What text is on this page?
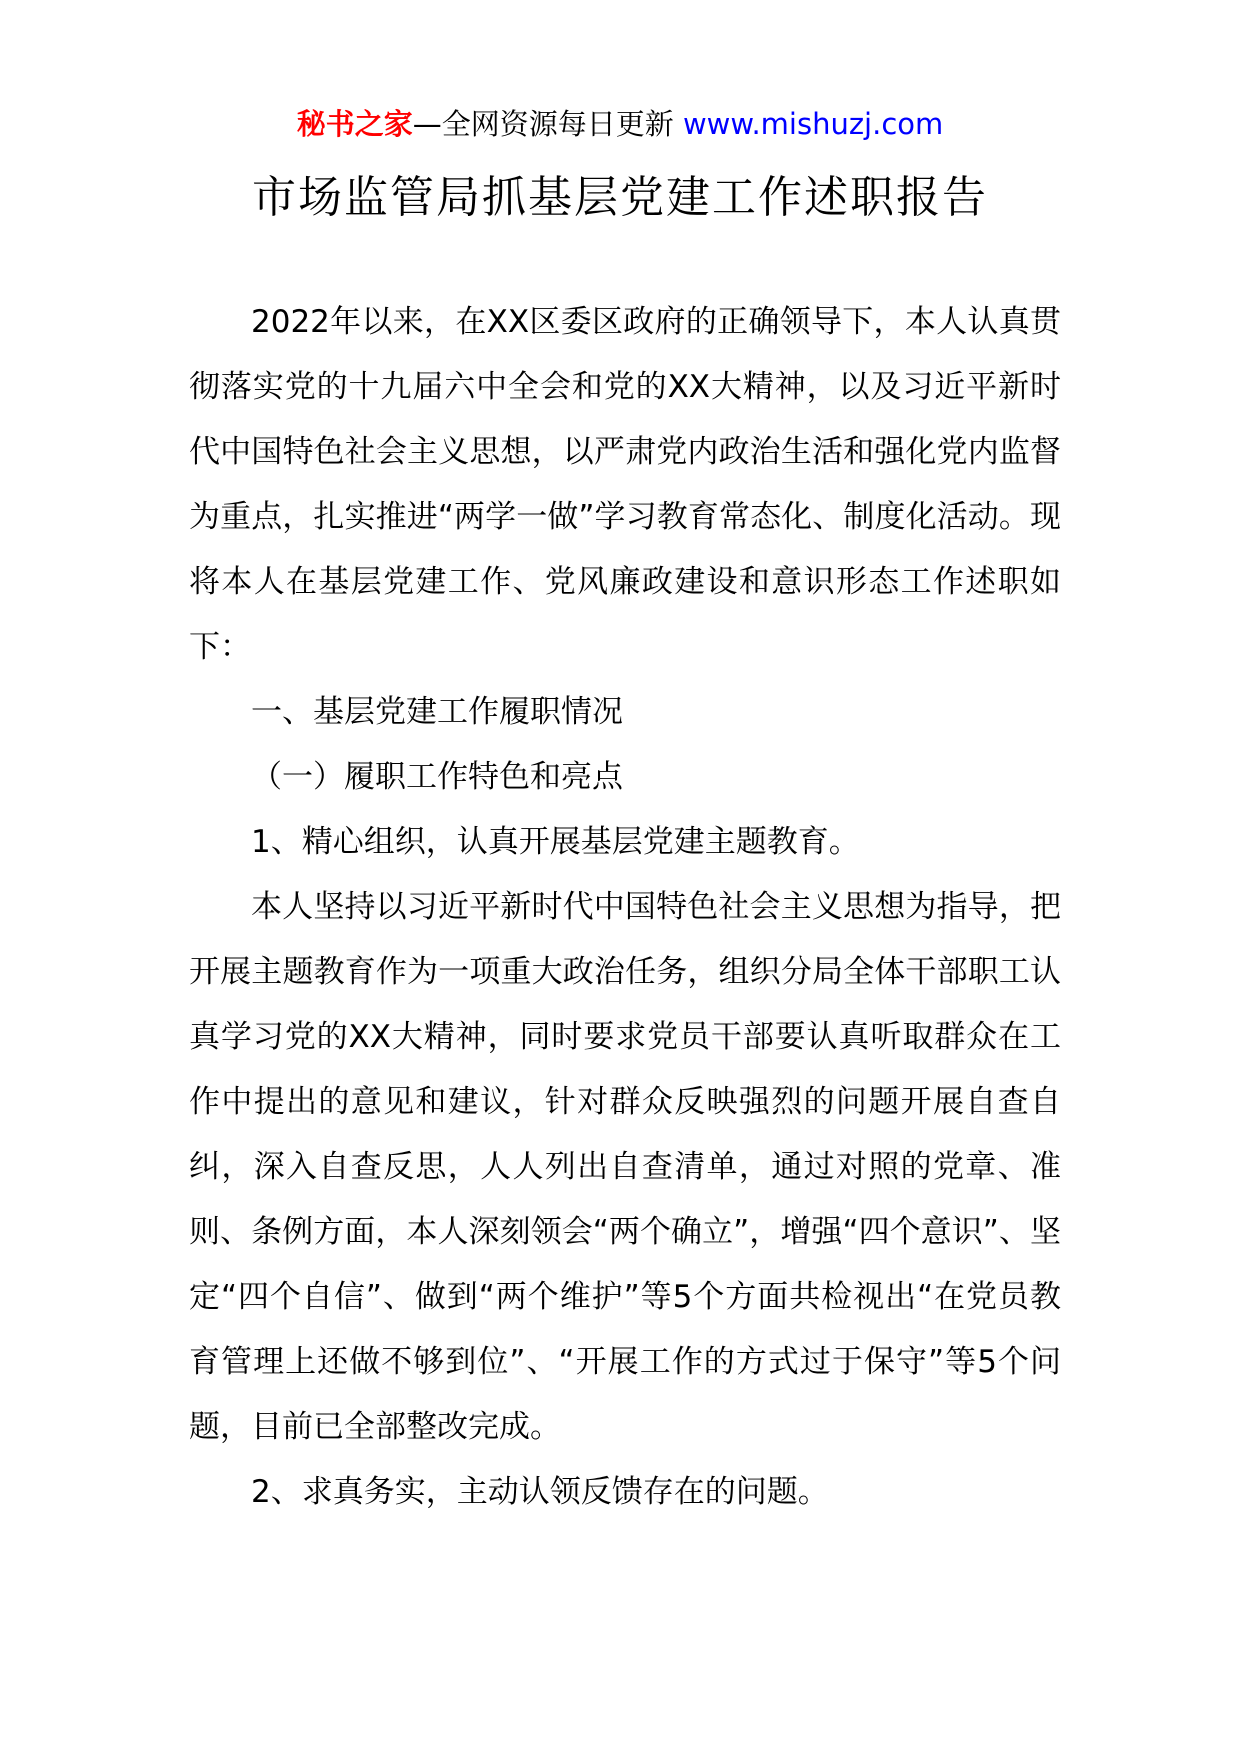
秘书之家—全网资源每日更新 www.mishuzj.com
市场监管局抓基层党建工作述职报告

2022年以来，在XX区委区政府的正确领导下，本人认真贯彻落实党的十九届六中全会和党的XX大精神，以及习近平新时代中国特色社会主义思想，以严肃党内政治生活和强化党内监督为重点，扎实推进“两学一做”学习教育常态化、制度化活动。现将本人在基层党建工作、党风廉政建设和意识形态工作述职如下：

一、基层党建工作履职情况

（一）履职工作特色和亮点

1、精心组织，认真开展基层党建主题教育。

本人坚持以习近平新时代中国特色社会主义思想为指导，把开展主题教育作为一项重大政治任务，组织分局全体干部职工认真学习党的XX大精神，同时要求党员干部要认真听取群众在工作中提出的意见和建议，针对群众反映强烈的问题开展自查自纠，深入自查反思，人人列出自查清单，通过对照的党章、准则、条例方面，本人深刻领会“两个确立”，增强“四个意识”、坚定“四个自信”、做到“两个维护”等5个方面共检视出“在党员教育管理上还做不够到位”、“开展工作的方式过于保守”等5个问题，目前已全部整改完成。

2、求真务实，主动认领反馈存在的问题。
